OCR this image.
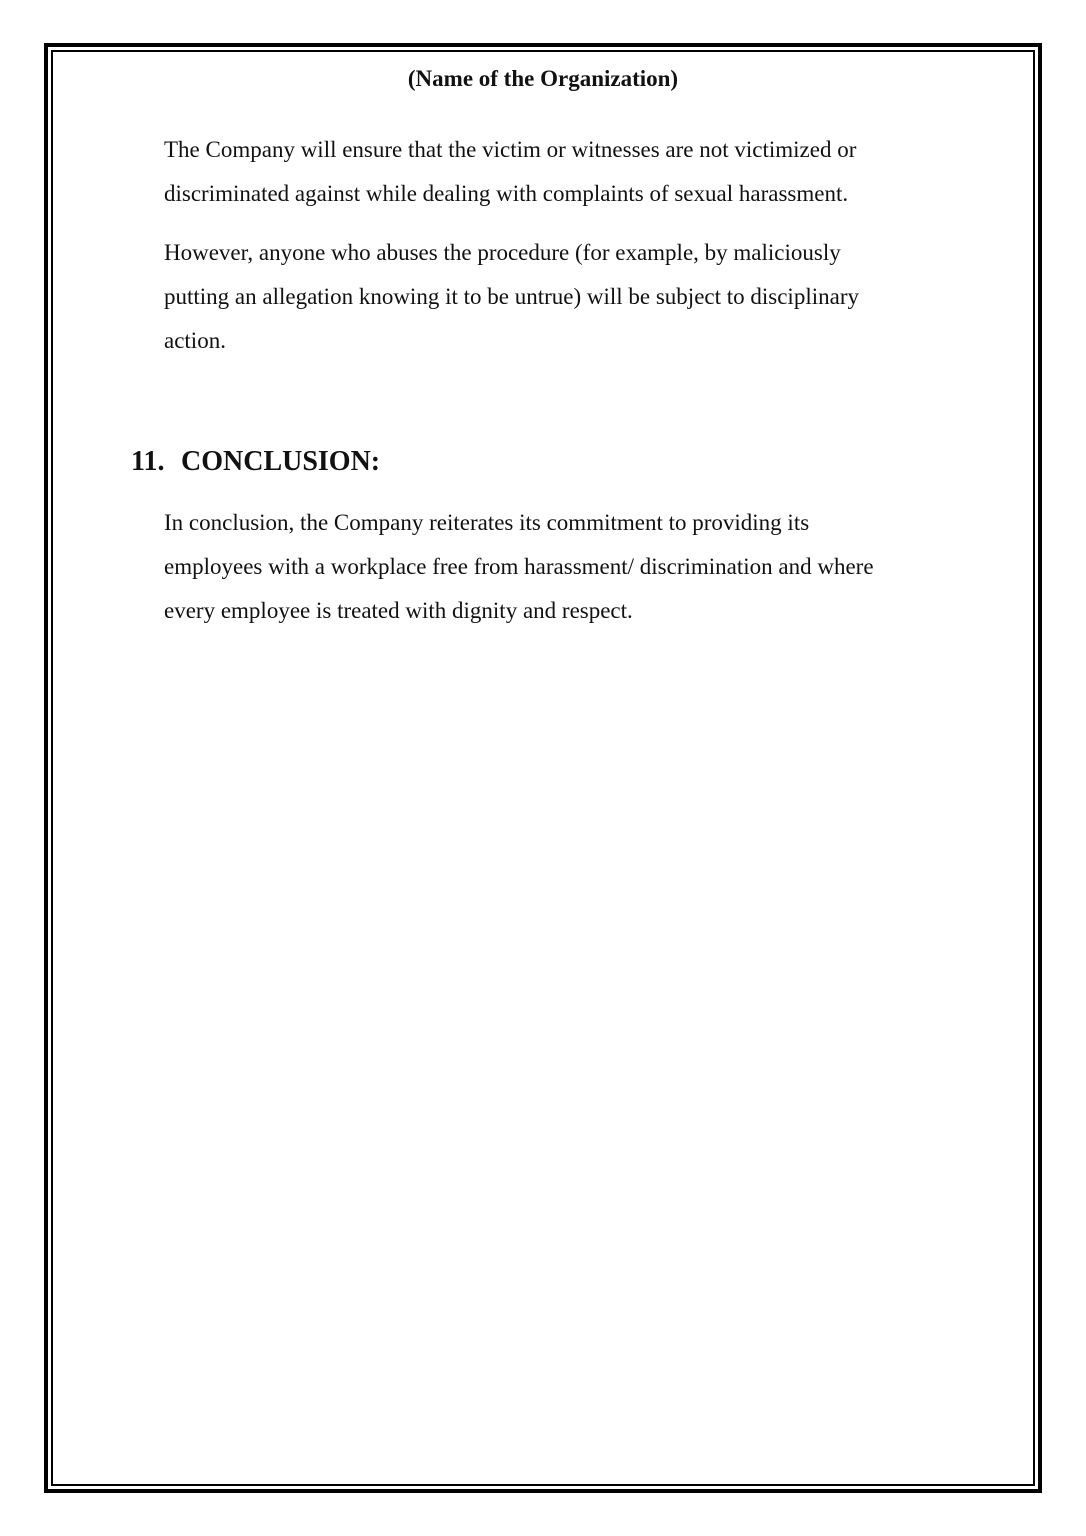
(Name of the Organization)

The Company will ensure that the victim or witnesses are not victimized or
discriminated against while dealing with complaints of sexual harassment.

However, anyone who abuses the procedure (for example, by maliciously
putting an allegation knowing it to be untrue) will be subject to disciplinary
action.

11. CONCLUSION:

In conclusion, the Company reiterates its commitment to providing its
employees with a workplace free from harassment/ discrimination and where
every employee is treated with dignity and respect.
